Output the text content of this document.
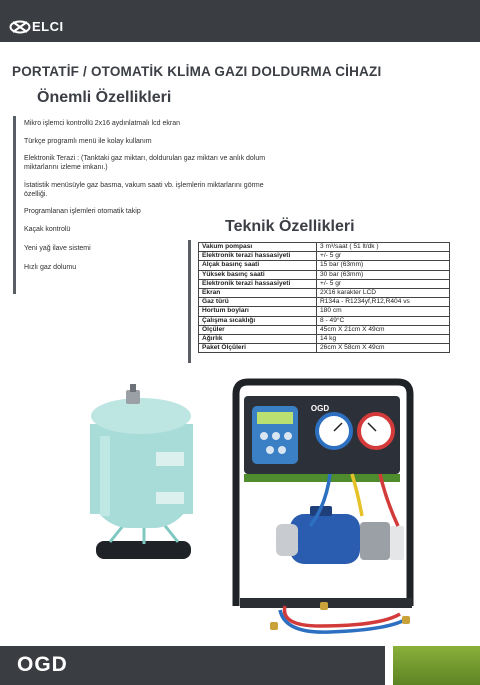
ELCI
PORTATİF / OTOMATİK KLİMA GAZI DOLDURMA CİHAZI
Önemli Özellikleri
Mikro işlemci kontrollü 2x16 aydınlatmalı lcd ekran
Türkçe programlı menü ile kolay kullanım
Elektronik Terazi : (Tanktaki gaz miktarı, doldurulan gaz miktarı ve anlık dolum miktarlarını izleme imkanı.)
İstatistik menüsüyle gaz basma, vakum saati vb. işlemlerin miktarlarını görme özelliği.
Programlanan işlemleri otomatik takip
Kaçak kontrolü
Yeni yağ ilave sistemi
Hızlı gaz dolumu
Teknik Özellikleri
Vakum pompası	3 m³/saat ( 51 lt/dk )
Elektronik terazi hassasiyeti	+/- 5 gr
Alçak basınç saati	15 bar (63mm)
Yüksek basınç saati	30 bar (63mm)
Elektronik terazi hassasiyeti	+/- 5 gr
Ekran	2X16 karakter LCD
Gaz türü	R134a - R1234yf,R12,R404 vs
Hortum boyları	180 cm
Çalışma sıcaklığı	8 - 49°C
Ölçüler	45cm X 21cm X 49cm
Ağırlık	14 kg
Paket Ölçüleri	26cm X 58cm X 49cm
OGD
OGD
